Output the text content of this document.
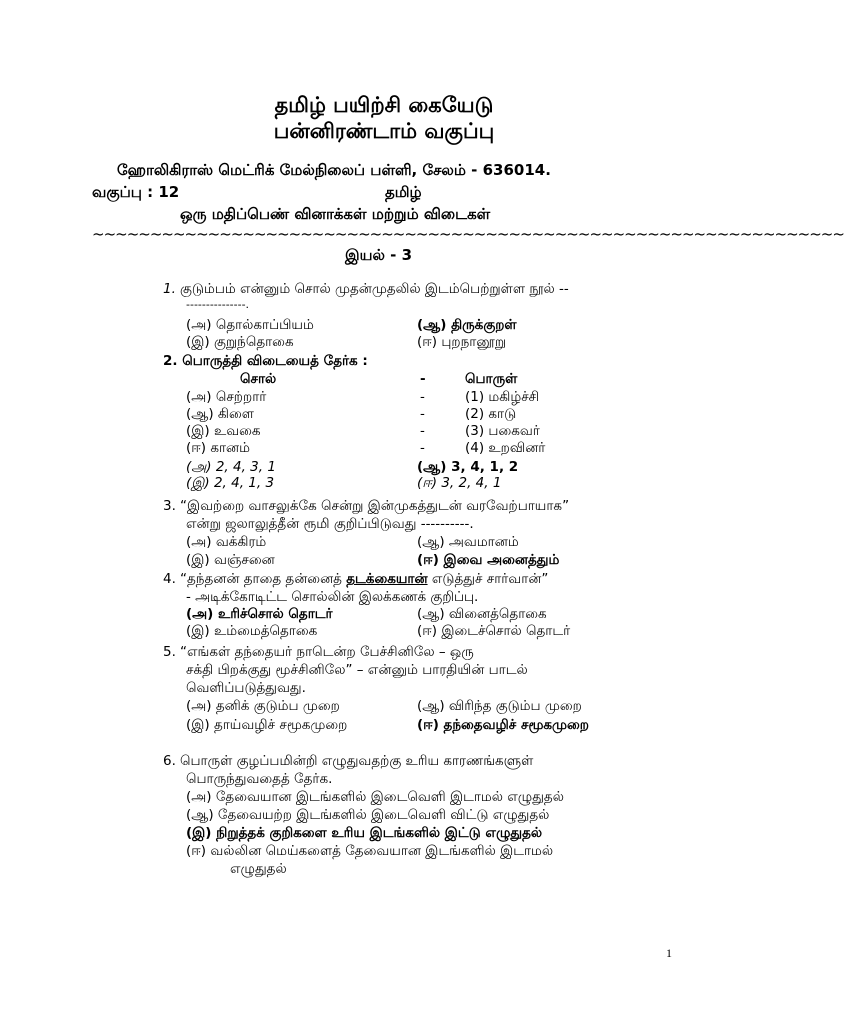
தமிழ் பயிற்சி கையேடு
பன்னிரண்டாம் வகுப்பு
ஹோலிகிராஸ் மெட்ரிக் மேல்நிலைப் பள்ளி, சேலம் - 636014.
வகுப்பு : 12	தமிழ்
ஒரு மதிப்பெண் வினாக்கள் மற்றும் விடைகள்
~~~~~~~~~~~~~~~~~~~~~~~~~~~~~~~~~~~~~~~~~~~~~~~~~~~~~~~~~~~~~~~~~
இயல் - 3
1. குடும்பம் என்னும் சொல் முதன்முதலில் இடம்பெற்றுள்ள நூல் --
---------------.
(அ) தொல்காப்பியம்	(ஆ) திருக்குறள்
(இ) குறுந்தொகை	(ஈ) புறநானூறு
2. பொருத்தி விடையைத் தேர்க :
சொல்	-	பொருள்
(அ) செற்றார்	-	(1) மகிழ்ச்சி
(ஆ) கிளை	-	(2) காடு
(இ) உவகை	-	(3) பகைவர்
(ஈ) கானம்	-	(4) உறவினர்
(அ) 2, 4, 3, 1	(ஆ) 3, 4, 1, 2
(இ) 2, 4, 1, 3	(ஈ) 3, 2, 4, 1
3. “இவற்றை வாசலுக்கே சென்று இன்முகத்துடன் வரவேற்பாயாக”
என்று ஜலாலுத்தீன் ரூமி குறிப்பிடுவது ----------.
(அ) வக்கிரம்	(ஆ) அவமானம்
(இ) வஞ்சனை	(ஈ) இவை அனைத்தும்
4. “தந்தனன் தாதை தன்னைத் தடக்கையான் எடுத்துச் சார்வான்”
- அடிக்கோடிட்ட சொல்லின் இலக்கணக் குறிப்பு.
(அ) உரிச்சொல் தொடர்	(ஆ) வினைத்தொகை
(இ) உம்மைத்தொகை	(ஈ) இடைச்சொல் தொடர்
5. “எங்கள் தந்தையர் நாடென்ற பேச்சினிலே – ஒரு
சக்தி பிறக்குது மூச்சினிலே” – என்னும் பாரதியின் பாடல்
வெளிப்படுத்துவது.
(அ) தனிக் குடும்ப முறை	(ஆ) விரிந்த குடும்ப முறை
(இ) தாய்வழிச் சமூகமுறை	(ஈ) தந்தைவழிச் சமூகமுறை
6. பொருள் குழப்பமின்றி எழுதுவதற்கு உரிய காரணங்களுள்
பொருந்துவதைத் தேர்க.
(அ) தேவையான இடங்களில் இடைவெளி இடாமல் எழுதுதல்
(ஆ) தேவையற்ற இடங்களில் இடைவெளி விட்டு எழுதுதல்
(இ) நிறுத்தக் குறிகளை உரிய இடங்களில் இட்டு எழுதுதல்
(ஈ) வல்லின மெய்களைத் தேவையான இடங்களில் இடாமல்
எழுதுதல்
1
